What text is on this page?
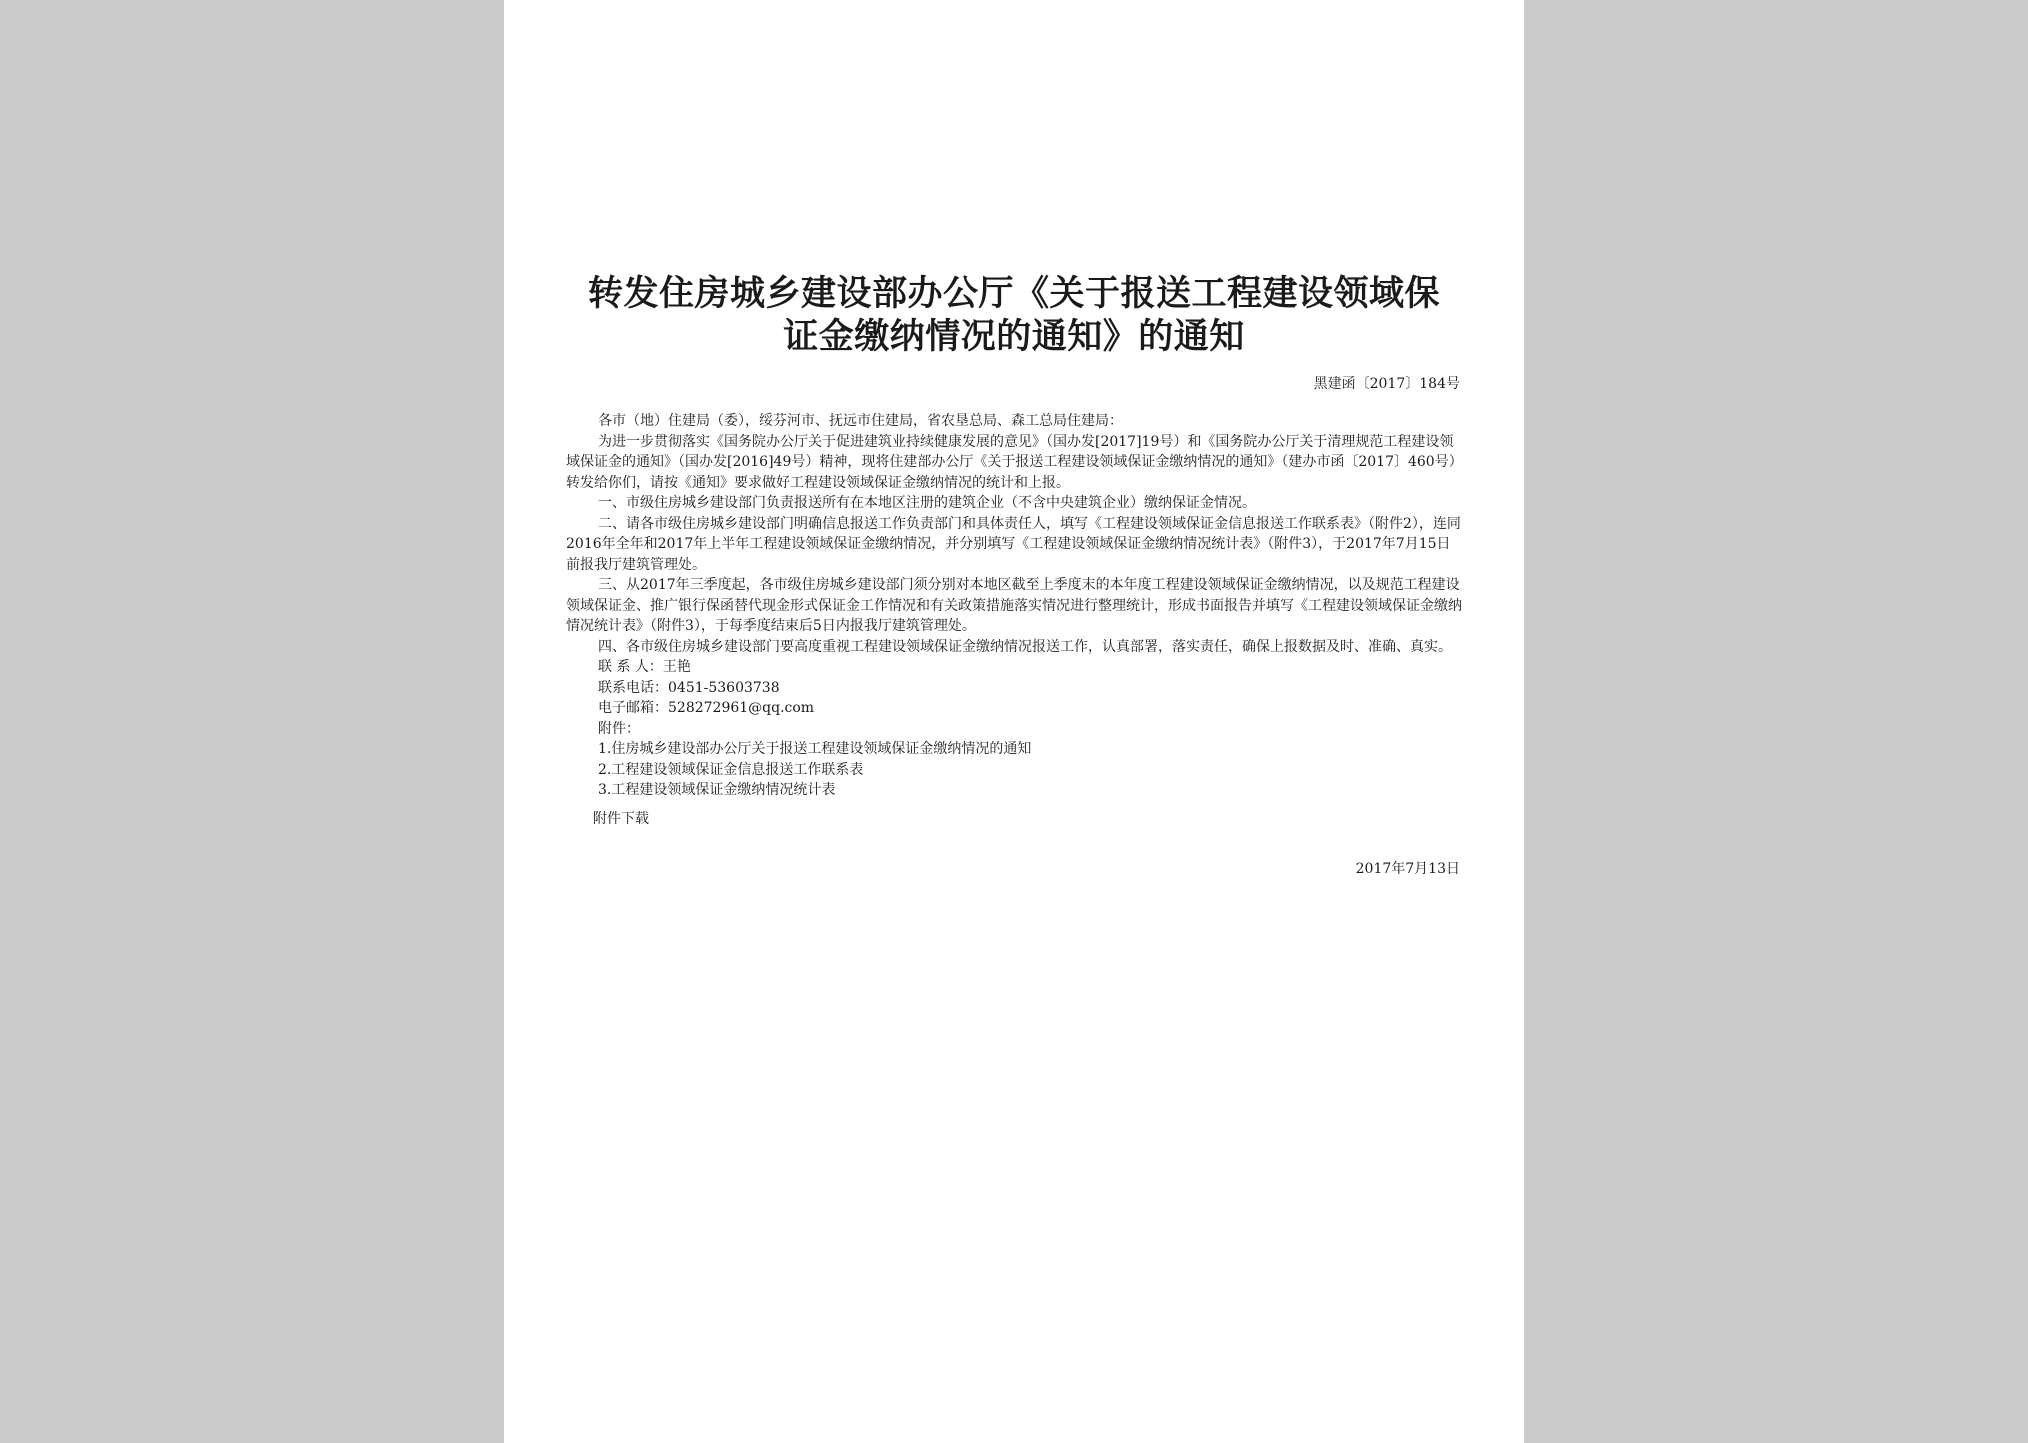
转发住房城乡建设部办公厅《关于报送工程建设领域保
证金缴纳情况的通知》的通知
黑建函〔2017〕184号

各市（地）住建局（委），绥芬河市、抚远市住建局，省农垦总局、森工总局住建局：

为进一步贯彻落实《国务院办公厅关于促进建筑业持续健康发展的意见》（国办发[2017]19号）和《国务院办公厅关于清理规范工程建设领域保证金的通知》（国办发[2016]49号）精神，现将住建部办公厅《关于报送工程建设领域保证金缴纳情况的通知》（建办市函〔2017〕460号）转发给你们，请按《通知》要求做好工程建设领域保证金缴纳情况的统计和上报。

一、市级住房城乡建设部门负责报送所有在本地区注册的建筑企业（不含中央建筑企业）缴纳保证金情况。

二、请各市级住房城乡建设部门明确信息报送工作负责部门和具体责任人，填写《工程建设领域保证金信息报送工作联系表》（附件2），连同2016年全年和2017年上半年工程建设领域保证金缴纳情况，并分别填写《工程建设领域保证金缴纳情况统计表》（附件3），于2017年7月15日前报我厅建筑管理处。

三、从2017年三季度起，各市级住房城乡建设部门须分别对本地区截至上季度末的本年度工程建设领域保证金缴纳情况，以及规范工程建设领域保证金、推广银行保函替代现金形式保证金工作情况和有关政策措施落实情况进行整理统计，形成书面报告并填写《工程建设领域保证金缴纳情况统计表》（附件3），于每季度结束后5日内报我厅建筑管理处。

四、各市级住房城乡建设部门要高度重视工程建设领域保证金缴纳情况报送工作，认真部署，落实责任，确保上报数据及时、准确、真实。

联 系 人：王艳

联系电话：0451-53603738

电子邮箱：528272961@qq.com

附件：

1.住房城乡建设部办公厅关于报送工程建设领域保证金缴纳情况的通知

2.工程建设领域保证金信息报送工作联系表

3.工程建设领域保证金缴纳情况统计表

附件下载
2017年7月13日
